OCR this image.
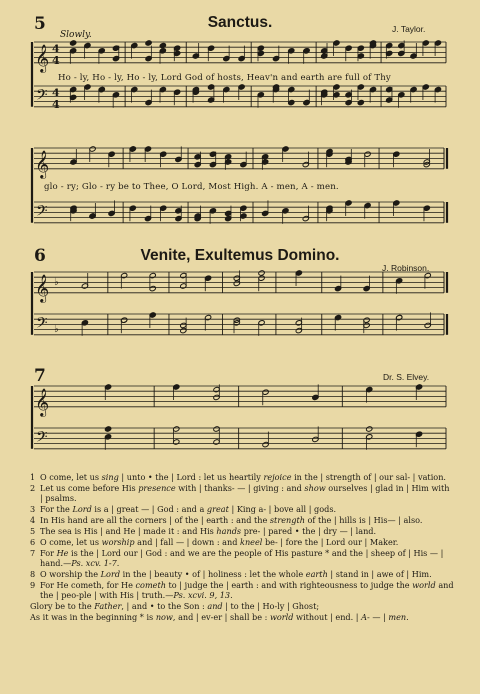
5	Sanctus.	J. Taylor.
Slowly.
6	Venite, Exultemus Domino.
J. Robinson.
7	Dr. S. Elvey.
Ho - ly, Ho - ly, Ho - ly, Lord God of hosts, Heav'n and earth are full of Thy
glo - ry; Glo - ry be to Thee, O Lord, Most High. A - men, A - men.
𝄞
𝄢
4
4
4
4
𝄞
𝄢
𝄞
𝄢
♭
♭
𝄞
𝄢
1 O come, let us sing | unto • the | Lord : let us heartily rejoice in the | strength of | our sal- | vation.
2 Let us come before His presence with | thanks- — | giving : and show ourselves | glad in | Him with | psalms.
3 For the Lord is a | great — | God : and a great | King a- | bove all | gods.
4 In His hand are all the corners | of the | earth : and the strength of the | hills is | His— | also.
5 The sea is His | and He | made it : and His hands pre- | pared • the | dry — | land.
6 O come, let us worship and | fall — | down : and kneel be- | fore the | Lord our | Maker.
7 For He is the | Lord our | God : and we are the people of His pasture * and the | sheep of | His — | hand.—Ps. xcv. 1-7.
8 O worship the Lord in the | beauty • of | holiness : let the whole earth | stand in | awe of | Him.
9 For He cometh, for He cometh to | judge the | earth : and with righteousness to judge the world and the | peo-ple | with His | truth.—Ps. xcvi. 9, 13.
Glory be to the Father, | and • to the Son : and | to the | Ho-ly | Ghost;
As it was in the beginning * is now, and | ev-er | shall be : world without | end. | A- — | men.
